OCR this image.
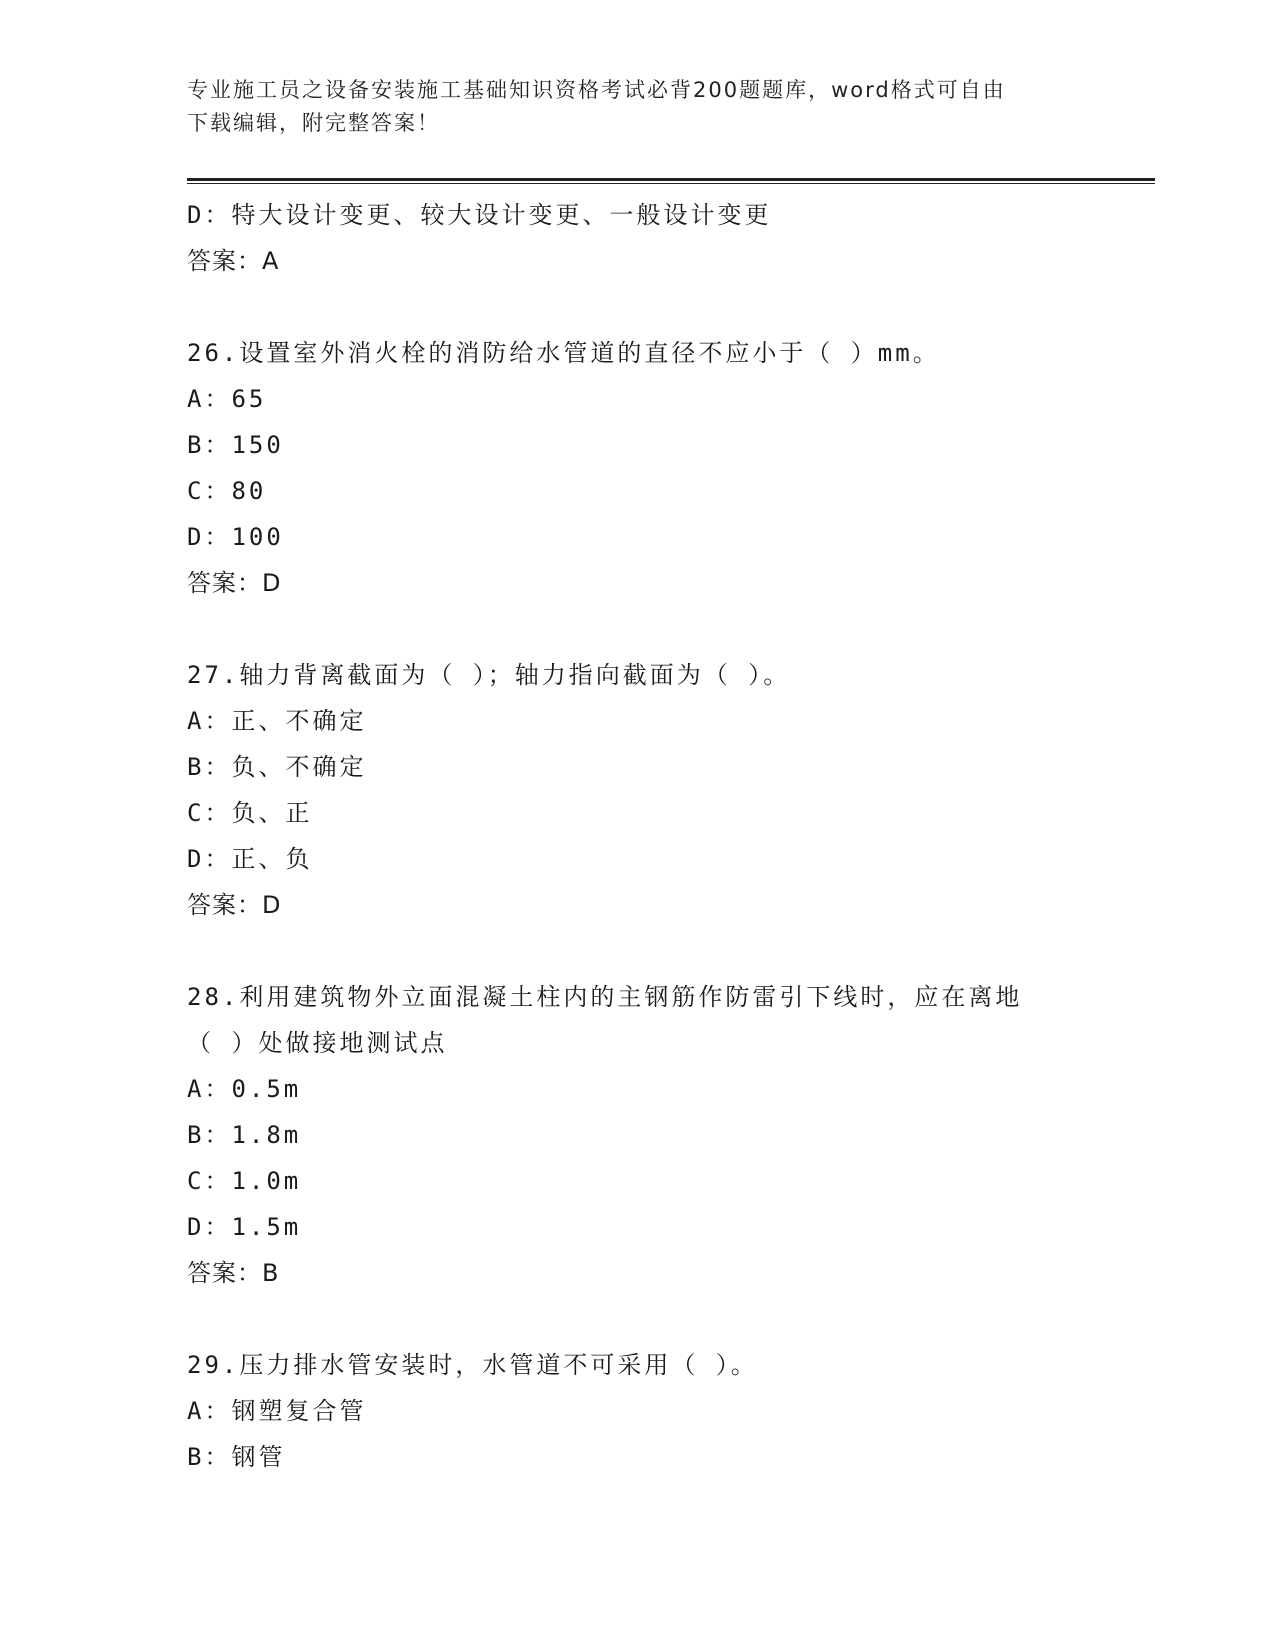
专业施工员之设备安装施工基础知识资格考试必背200题题库，word格式可自由
下载编辑，附完整答案！
D：特大设计变更、较大设计变更、一般设计变更
答案：A
26.设置室外消火栓的消防给水管道的直径不应小于（ ）mm。
A：65
B：150
C：80
D：100
答案：D
27.轴力背离截面为（ ）；轴力指向截面为（ ）。
A：正、不确定
B：负、不确定
C：负、正
D：正、负
答案：D
28.利用建筑物外立面混凝土柱内的主钢筋作防雷引下线时，应在离地
（ ）处做接地测试点
A：0.5m
B：1.8m
C：1.0m
D：1.5m
答案：B
29.压力排水管安装时，水管道不可采用（ ）。
A：钢塑复合管
B：钢管
